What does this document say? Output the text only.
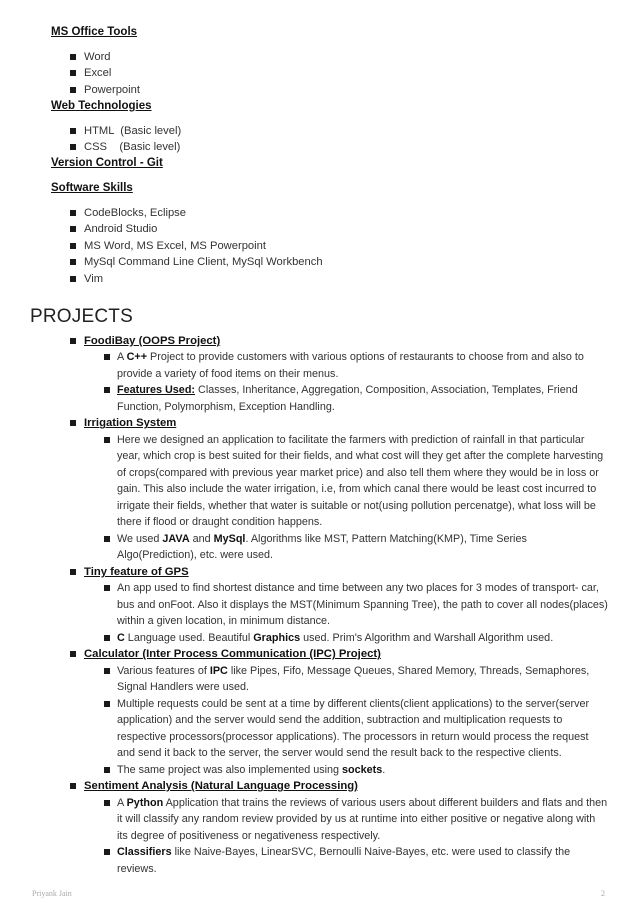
MS Office Tools
Word
Excel
Powerpoint
Web Technologies
HTML  (Basic level)
CSS    (Basic level)
Version Control - Git
Software Skills
CodeBlocks, Eclipse
Android Studio
MS Word, MS Excel, MS Powerpoint
MySql Command Line Client, MySql Workbench
Vim
PROJECTS
FoodiBay (OOPS Project)
A C++ Project to provide customers with various options of restaurants to choose from and also to provide a variety of food items on their menus.
Features Used: Classes, Inheritance, Aggregation, Composition, Association, Templates, Friend Function, Polymorphism, Exception Handling.
Irrigation System
Here we designed an application to facilitate the farmers with prediction of rainfall in that particular year, which crop is best suited for their fields, and what cost will they get after the complete harvesting of crops(compared with previous year market price) and also tell them where they would be in loss or gain. This also include the water irrigation, i.e, from which canal there would be least cost incurred to irrigate their fields, whether that water is suitable or not(using pollution percenatge), what loss will be there if flood or draught condition happens.
We used JAVA and MySql. Algorithms like MST, Pattern Matching(KMP), Time Series Algo(Prediction), etc. were used.
Tiny feature of GPS
An app used to find shortest distance and time between any two places for 3 modes of transport- car, bus and onFoot. Also it displays the MST(Minimum Spanning Tree), the path to cover all nodes(places) within a given location, in minimum distance.
C Language used. Beautiful Graphics used. Prim's Algorithm and Warshall Algorithm used.
Calculator (Inter Process Communication (IPC) Project)
Various features of IPC like Pipes, Fifo, Message Queues, Shared Memory, Threads, Semaphores, Signal Handlers were used.
Multiple requests could be sent at a time by different clients(client applications) to the server(server application) and the server would send the addition, subtraction and multiplication requests to respective processors(processor applications). The processors in return would process the request and send it back to the server, the server would send the result back to the respective clients.
The same project was also implemented using sockets.
Sentiment Analysis (Natural Language Processing)
A Python Application that trains the reviews of various users about different builders and flats and then it will classify any random review provided by us at runtime into either positive or negative along with its degree of positiveness or negativeness respectively.
Classifiers like Naive-Bayes, LinearSVC, Bernoulli Naive-Bayes, etc. were used to classify the reviews.
Priyank Jain	2
